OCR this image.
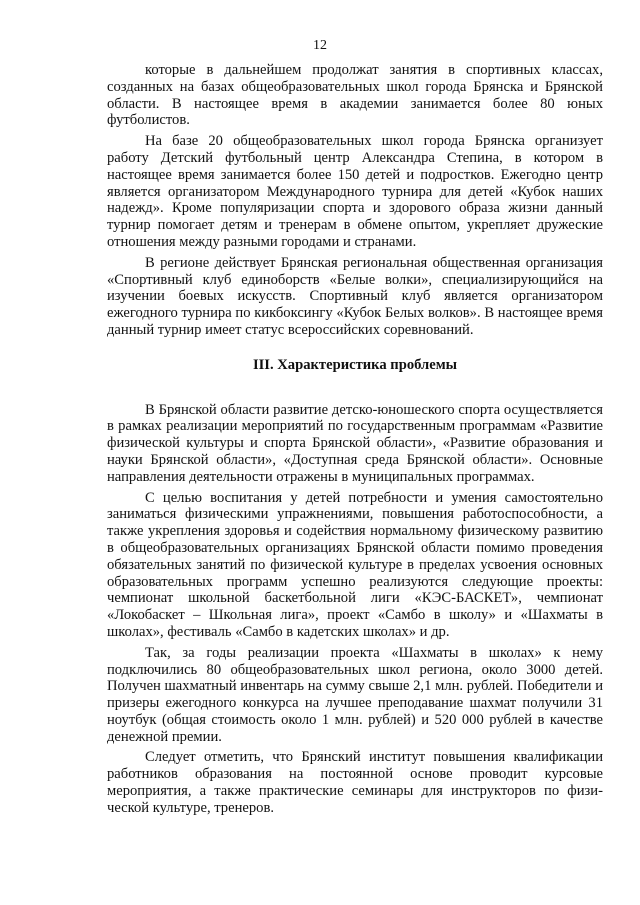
12

которые в дальнейшем продолжат занятия в спортивных классах, созданных на базах общеобразовательных школ города Брянска и Брянской области. В настоящее время в академии занимается более 80 юных футболистов.

На базе 20 общеобразовательных школ города Брянска организует работу Детский футбольный центр Александра Степина, в котором в настоящее время занимается более 150 детей и подростков. Ежегодно центр является организатором Международного турнира для детей «Кубок наших надежд». Кроме популяризации спорта и здорового образа жизни данный турнир помогает детям и тренерам в обмене опытом, укрепляет дружеские отношения между разными городами и странами.

В регионе действует Брянская региональная общественная организация «Спортивный клуб единоборств «Белые волки», специализирующийся на изучении боевых искусств. Спортивный клуб является организатором ежегодного турнира по кикбоксингу «Кубок Белых волков». В настоящее время данный турнир имеет статус всероссийских соревнований.

III. Характеристика проблемы

В Брянской области развитие детско-юношеского спорта осуществляется в рамках реализации мероприятий по государственным программам «Развитие физической культуры и спорта Брянской области», «Развитие образования и науки Брянской области», «Доступная среда Брянской области». Основные направления деятельности отражены в муниципальных программах.

С целью воспитания у детей потребности и умения самостоятельно заниматься физическими упражнениями, повышения работоспособности, а также укрепления здоровья и содействия нормальному физическому развитию в общеобразовательных организациях Брянской области помимо проведения обязательных занятий по физической культуре в пределах усвоения основных образовательных программ успешно реализуются следующие проекты: чемпионат школьной баскетбольной лиги «КЭС-БАСКЕТ», чемпионат «Локобаскет – Школьная лига», проект «Самбо в школу» и «Шахматы в школах», фестиваль «Самбо в кадетских школах» и др.

Так, за годы реализации проекта «Шахматы в школах» к нему подключились 80 общеобразовательных школ региона, около 3000 детей. Получен шахматный инвентарь на сумму свыше 2,1 млн. рублей. Победители и призеры ежегодного конкурса на лучшее преподавание шахмат получили 31 ноутбук (общая стоимость около 1 млн. рублей) и 520 000 рублей в качестве денежной премии.

Следует отметить, что Брянский институт повышения квалификации работников образования на постоянной основе проводит курсовые мероприятия, а также практические семинары для инструкторов по физической культуре, тренеров.
